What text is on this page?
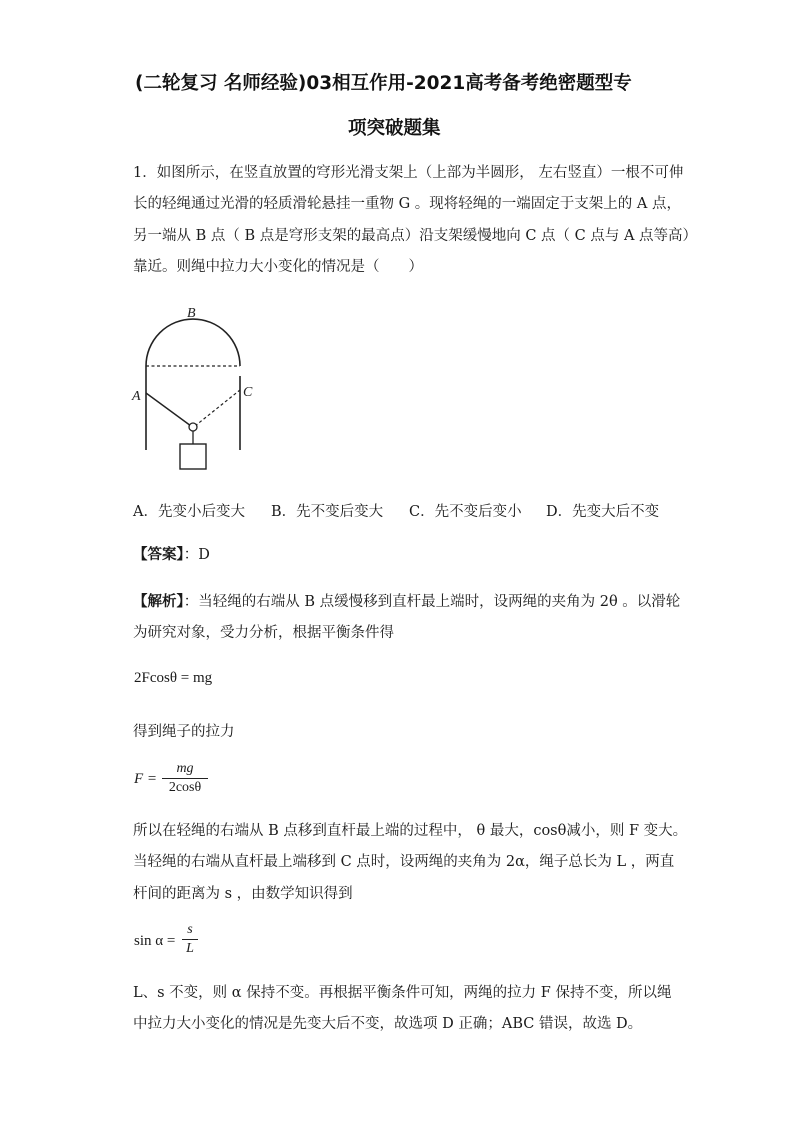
(二轮复习 名师经验)03相互作用-2021高考备考绝密题型专
项突破题集
1．如图所示，在竖直放置的穹形光滑支架上（上部为半圆形， 左右竖直）一根不可伸
长的轻绳通过光滑的轻质滑轮悬挂一重物 G 。现将轻绳的一端固定于支架上的 A 点，
另一端从 B 点（ B 点是穹形支架的最高点）沿支架缓慢地向 C 点（ C 点与 A 点等高）
靠近。则绳中拉力大小变化的情况是（　　）
B
A	C
A．先变小后变大 B．先不变后变大 C．先不变后变小 D．先变大后不变
【答案】：D
【解析】：当轻绳的右端从 B 点缓慢移到直杆最上端时，设两绳的夹角为 2θ 。以滑轮
为研究对象，受力分析，根据平衡条件得
2Fcosθ = mg
得到绳子的拉力
F =
mg
2cosθ
所以在轻绳的右端从 B 点移到直杆最上端的过程中， θ 最大，cosθ减小，则 F 变大。
当轻绳的右端从直杆最上端移到 C 点时，设两绳的夹角为 2α，绳子总长为 L ，两直
杆间的距离为 s ，由数学知识得到
sin α =
s
L
L、s 不变，则 α 保持不变。再根据平衡条件可知，两绳的拉力 F 保持不变，所以绳
中拉力大小变化的情况是先变大后不变，故选项 D 正确；ABC 错误，故选 D。
